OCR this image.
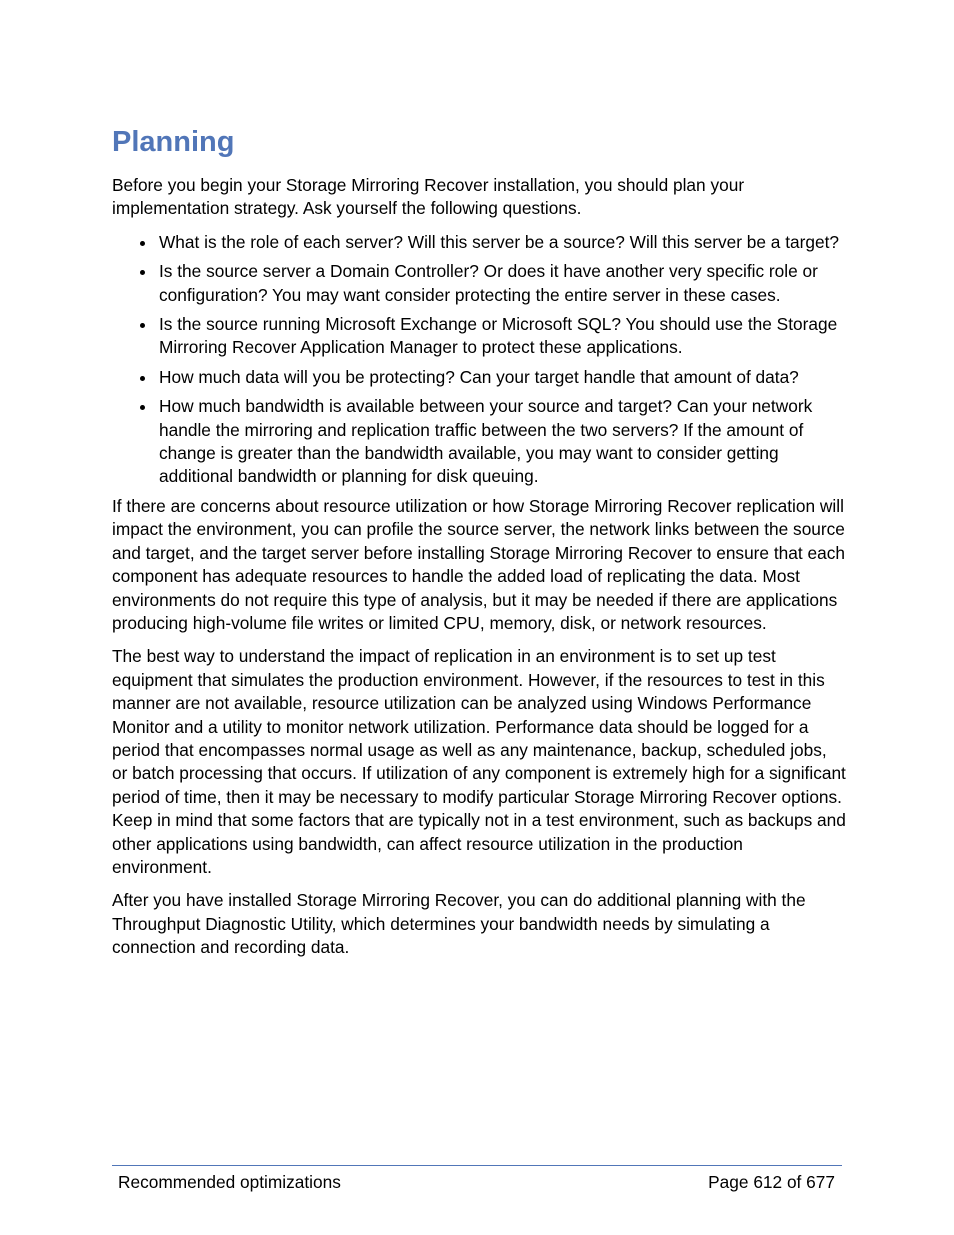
Planning

Before you begin your Storage Mirroring Recover installation, you should plan your implementation strategy. Ask yourself the following questions.

What is the role of each server? Will this server be a source? Will this server be a target?
Is the source server a Domain Controller? Or does it have another very specific role or configuration? You may want consider protecting the entire server in these cases.
Is the source running Microsoft Exchange or Microsoft SQL? You should use the Storage Mirroring Recover Application Manager to protect these applications.
How much data will you be protecting? Can your target handle that amount of data?
How much bandwidth is available between your source and target? Can your network handle the mirroring and replication traffic between the two servers? If the amount of change is greater than the bandwidth available, you may want to consider getting additional bandwidth or planning for disk queuing.

If there are concerns about resource utilization or how Storage Mirroring Recover replication will impact the environment, you can profile the source server, the network links between the source and target, and the target server before installing Storage Mirroring Recover to ensure that each component has adequate resources to handle the added load of replicating the data. Most environments do not require this type of analysis, but it may be needed if there are applications producing high-volume file writes or limited CPU, memory, disk, or network resources.

The best way to understand the impact of replication in an environment is to set up test equipment that simulates the production environment. However, if the resources to test in this manner are not available, resource utilization can be analyzed using Windows Performance Monitor and a utility to monitor network utilization. Performance data should be logged for a period that encompasses normal usage as well as any maintenance, backup, scheduled jobs, or batch processing that occurs. If utilization of any component is extremely high for a significant period of time, then it may be necessary to modify particular Storage Mirroring Recover options. Keep in mind that some factors that are typically not in a test environment, such as backups and other applications using bandwidth, can affect resource utilization in the production environment.

After you have installed Storage Mirroring Recover, you can do additional planning with the Throughput Diagnostic Utility, which determines your bandwidth needs by simulating a connection and recording data.

Recommended optimizations	Page 612 of 677
